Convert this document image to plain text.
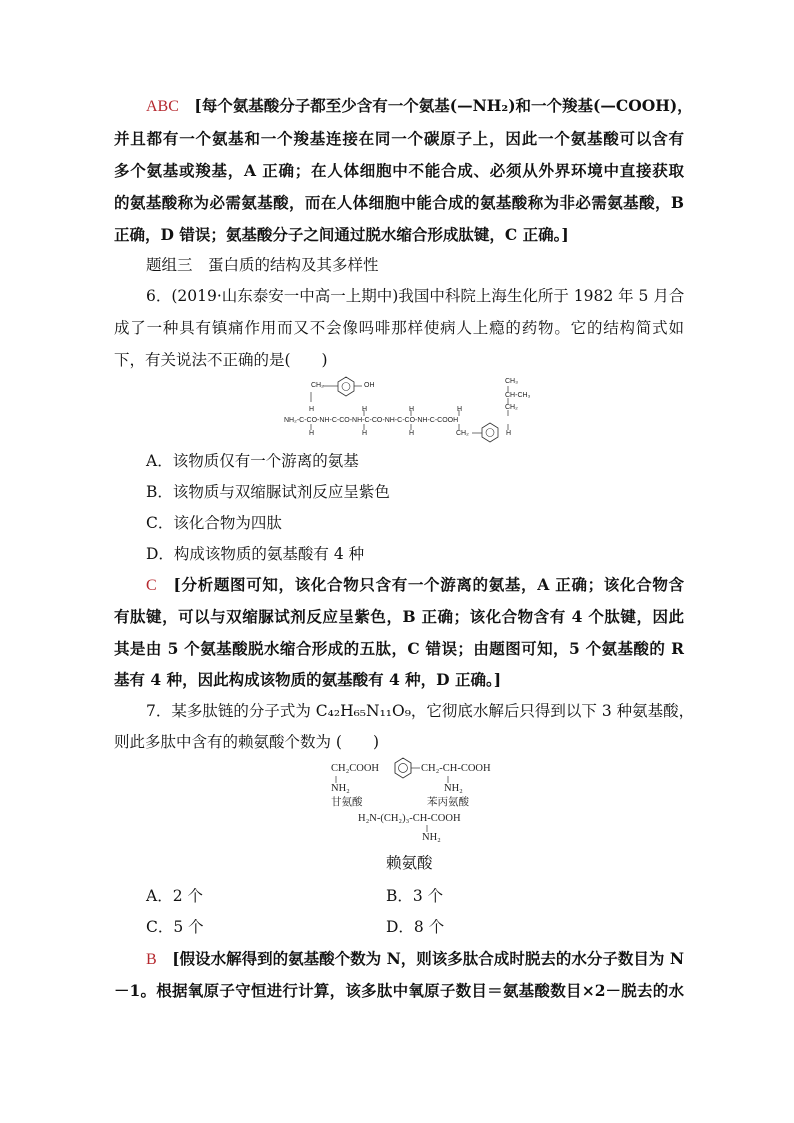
ABC　 [每个氨基酸分子都至少含有一个氨基(—NH₂)和一个羧基(—COOH)，
并且都有一个氨基和一个羧基连接在同一个碳原子上，因此一个氨基酸可以含有
多个氨基或羧基，A 正确；在人体细胞中不能合成、必须从外界环境中直接获取
的氨基酸称为必需氨基酸，而在人体细胞中能合成的氨基酸称为非必需氨基酸，B
正确，D 错误；氨基酸分子之间通过脱水缩合形成肽键，C 正确。]
题组三　蛋白质的结构及其多样性
6．(2019·山东泰安一中高一上期中)我国中科院上海生化所于 1982 年 5 月合
成了一种具有镇痛作用而又不会像吗啡那样使病人上瘾的药物。它的结构简式如
下，有关说法不正确的是(　　)
CH₂	OH
CH₃
CH-CH₃
CH₂
NH₂-C-CO-NH-C-CO-NH-C-CO-NH-C-CO-NH-C-COOH
H
H
H
H
H
H
H
H
CH₂
A．该物质仅有一个游离的氨基
B．该物质与双缩脲试剂反应呈紫色
C．该化合物为四肽
D．构成该物质的氨基酸有 4 种
C　 [分析题图可知，该化合物只含有一个游离的氨基，A 正确；该化合物含
有肽键，可以与双缩脲试剂反应呈紫色，B 正确；该化合物含有 4 个肽键，因此
其是由 5 个氨基酸脱水缩合形成的五肽，C 错误；由题图可知，5 个氨基酸的 R
基有 4 种，因此构成该物质的氨基酸有 4 种，D 正确。]
7．某多肽链的分子式为 C₄₂H₆₅N₁₁O₉，它彻底水解后只得到以下 3 种氨基酸，
则此多肽中含有的赖氨酸个数为 (　　)
CH₂COOH
NH₂
甘氨酸
CH₂-CH-COOH
NH₂
苯丙氨酸
H₂N-(CH₂)₃-CH-COOH
NH₂
赖氨酸
A．2 个	B．3 个
C．5 个	D．8 个
B　 [假设水解得到的氨基酸个数为 N，则该多肽合成时脱去的水分子数目为 N
－1。根据氧原子守恒进行计算，该多肽中氧原子数目＝氨基酸数目×2－脱去的水
